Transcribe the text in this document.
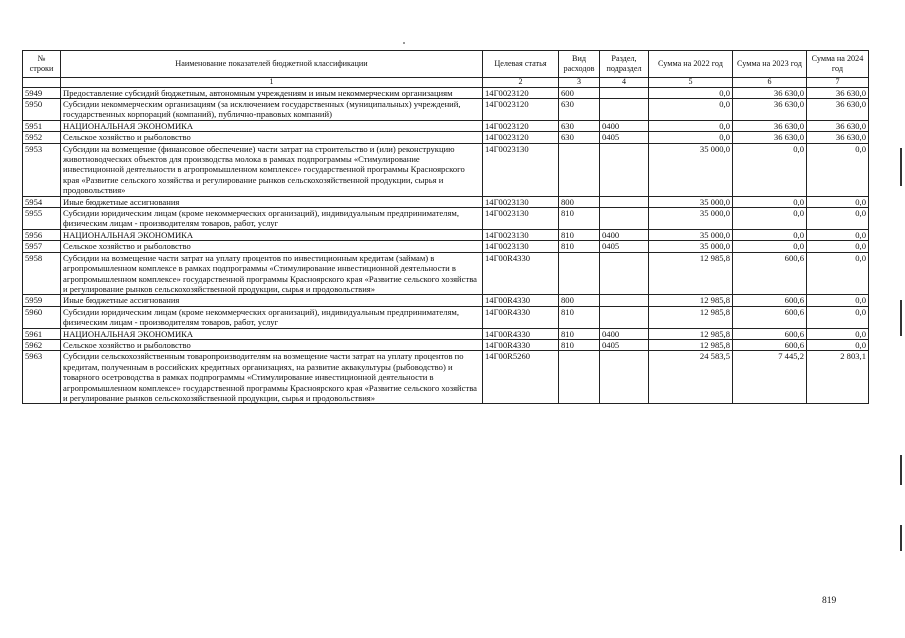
№ строки	Наименование показателей бюджетной классификации	Целевая статья	Вид расходов	Раздел, подраздел	Сумма на 2022 год	Сумма на 2023 год	Сумма на 2024 год
	1	2	3	4	5	6	7
5949	Предоставление субсидий бюджетным, автономным учреждениям и иным некоммерческим организациям	14Г0023120	600		0,0	36 630,0	36 630,0
5950	Субсидии некоммерческим организациям (за исключением государственных (муниципальных) учреждений, государственных корпораций (компаний), публично-правовых компаний)	14Г0023120	630		0,0	36 630,0	36 630,0
5951	НАЦИОНАЛЬНАЯ ЭКОНОМИКА	14Г0023120	630	0400	0,0	36 630,0	36 630,0
5952	Сельское хозяйство и рыболовство	14Г0023120	630	0405	0,0	36 630,0	36 630,0
5953	Субсидии на возмещение (финансовое обеспечение) части затрат на строительство и (или) реконструкцию животноводческих объектов для производства молока в рамках подпрограммы «Стимулирование инвестиционной деятельности в агропромышленном комплексе» государственной программы Красноярского края «Развитие сельского хозяйства и регулирование рынков сельскохозяйственной продукции, сырья и продовольствия»	14Г0023130			35 000,0	0,0	0,0
5954	Иные бюджетные ассигнования	14Г0023130	800		35 000,0	0,0	0,0
5955	Субсидии юридическим лицам (кроме некоммерческих организаций), индивидуальным предпринимателям, физическим лицам - производителям товаров, работ, услуг	14Г0023130	810		35 000,0	0,0	0,0
5956	НАЦИОНАЛЬНАЯ ЭКОНОМИКА	14Г0023130	810	0400	35 000,0	0,0	0,0
5957	Сельское хозяйство и рыболовство	14Г0023130	810	0405	35 000,0	0,0	0,0
5958	Субсидии на возмещение части затрат на уплату процентов по инвестиционным кредитам (займам) в агропромышленном комплексе в рамках подпрограммы «Стимулирование инвестиционной деятельности в агропромышленном комплексе» государственной программы Красноярского края «Развитие сельского хозяйства и регулирование рынков сельскохозяйственной продукции, сырья и продовольствия»	14Г00R4330			12 985,8	600,6	0,0
5959	Иные бюджетные ассигнования	14Г00R4330	800		12 985,8	600,6	0,0
5960	Субсидии юридическим лицам (кроме некоммерческих организаций), индивидуальным предпринимателям, физическим лицам - производителям товаров, работ, услуг	14Г00R4330	810		12 985,8	600,6	0,0
5961	НАЦИОНАЛЬНАЯ ЭКОНОМИКА	14Г00R4330	810	0400	12 985,8	600,6	0,0
5962	Сельское хозяйство и рыболовство	14Г00R4330	810	0405	12 985,8	600,6	0,0
5963	Субсидии сельскохозяйственным товаропроизводителям на возмещение части затрат на уплату процентов по кредитам, полученным в российских кредитных организациях, на развитие аквакультуры (рыбоводство) и товарного осетроводства в рамках подпрограммы «Стимулирование инвестиционной деятельности в агропромышленном комплексе» государственной программы Красноярского края «Развитие сельского хозяйства и регулирование рынков сельскохозяйственной продукции, сырья и продовольствия»	14Г00R5260			24 583,5	7 445,2	2 803,1
819
